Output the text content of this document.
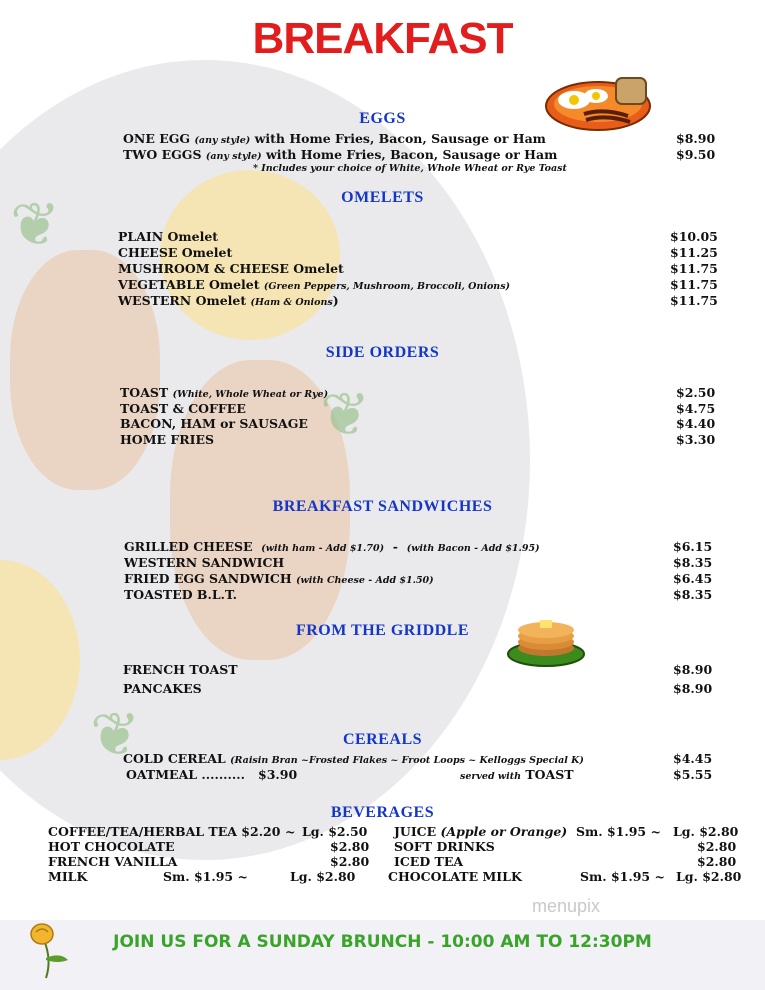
❦
❦
❦
BREAKFAST
EGGS
ONE EGG (any style) with Home Fries, Bacon, Sausage or Ham	$8.90
TWO EGGS (any style) with Home Fries, Bacon, Sausage or Ham	$9.50
* Includes your choice of White, Whole Wheat or Rye Toast
OMELETS
PLAIN Omelet	$10.05
CHEESE Omelet	$11.25
MUSHROOM & CHEESE Omelet	$11.75
VEGETABLE Omelet (Green Peppers, Mushroom, Broccoli, Onions)	$11.75
WESTERN Omelet (Ham & Onions)	$11.75
SIDE ORDERS
TOAST (White, Whole Wheat or Rye)	$2.50
TOAST & COFFEE	$4.75
BACON, HAM or SAUSAGE	$4.40
HOME FRIES	$3.30
BREAKFAST SANDWICHES
GRILLED CHEESE (with ham - Add $1.70) - (with Bacon - Add $1.95)	$6.15
WESTERN SANDWICH	$8.35
FRIED EGG SANDWICH (with Cheese - Add $1.50)	$6.45
TOASTED B.L.T.	$8.35
FROM THE GRIDDLE
FRENCH TOAST	$8.90
PANCAKES	$8.90
CEREALS
COLD CEREAL (Raisin Bran ~Frosted Flakes ~ Froot Loops ~ Kelloggs Special K)	$4.45
OATMEAL .......... $3.90	served with TOAST	$5.55
BEVERAGES
COFFEE/TEA/HERBAL TEA $2.20 ~ Lg. $2.50
HOT CHOCOLATE	$2.80
FRENCH VANILLA	$2.80
MILK	Sm. $1.95 ~	Lg. $2.80
JUICE (Apple or Orange) Sm. $1.95 ~ Lg. $2.80
SOFT DRINKS	$2.80
ICED TEA	$2.80
CHOCOLATE MILK	Sm. $1.95 ~ Lg. $2.80
menupix
JOIN US FOR A SUNDAY BRUNCH - 10:00 AM TO 12:30PM
